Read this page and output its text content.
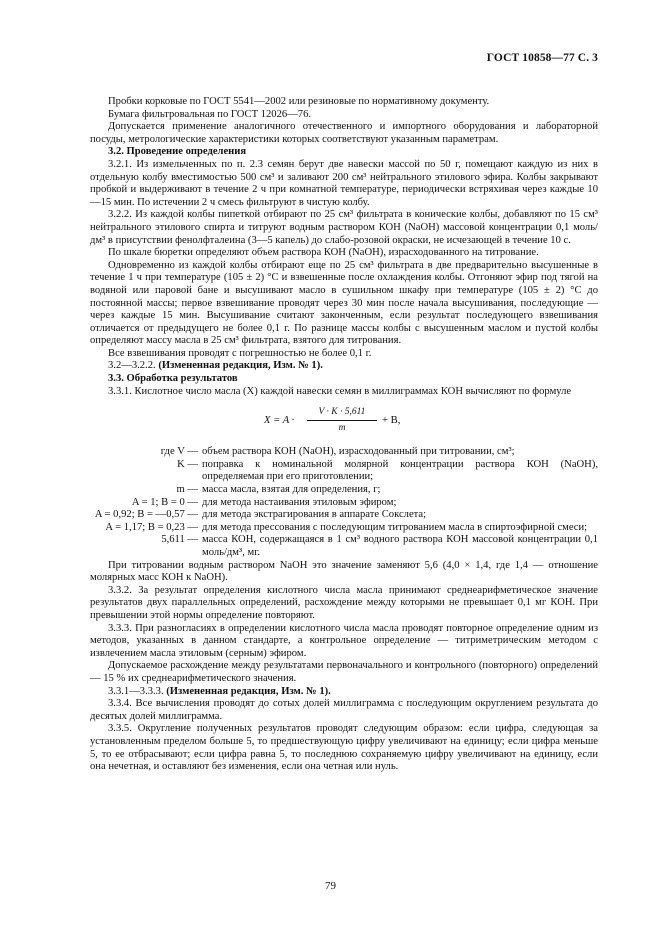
ГОСТ 10858—77 С. 3

Пробки корковые по ГОСТ 5541—2002 или резиновые по нормативному документу.

Бумага фильтровальная по ГОСТ 12026—76.

Допускается применение аналогичного отечественного и импортного оборудования и лабораторной посуды, метрологические характеристики которых соответствуют указанным параметрам.

3.2. Проведение определения

3.2.1. Из измельченных по п. 2.3 семян берут две навески массой по 50 г, помещают каждую из них в отдельную колбу вместимостью 500 см³ и заливают 200 см³ нейтрального этилового эфира. Колбы закрывают пробкой и выдерживают в течение 2 ч при комнатной температуре, периодически встряхивая через каждые 10—15 мин. По истечении 2 ч смесь фильтруют в чистую колбу.

3.2.2. Из каждой колбы пипеткой отбирают по 25 см³ фильтрата в конические колбы, добавляют по 15 см³ нейтрального этилового спирта и титруют водным раствором КОН (NaOH) массовой концентрации 0,1 моль/дм³ в присутствии фенолфталеина (3—5 капель) до слабо-розовой окраски, не исчезающей в течение 10 с.

По шкале бюретки определяют объем раствора КОН (NaOH), израсходованного на титрование.

Одновременно из каждой колбы отбирают еще по 25 см³ фильтрата в две предварительно высушенные в течение 1 ч при температуре (105 ± 2) °С и взвешенные после охлаждения колбы. Отгоняют эфир под тягой на водяной или паровой бане и высушивают масло в сушильном шкафу при температуре (105 ± 2) °С до постоянной массы; первое взвешивание проводят через 30 мин после начала высушивания, последующие — через каждые 15 мин. Высушивание считают законченным, если результат последующего взвешивания отличается от предыдущего не более 0,1 г. По разнице массы колбы с высушенным маслом и пустой колбы определяют массу масла в 25 см³ фильтрата, взятого для титрования.

Все взвешивания проводят с погрешностью не более 0,1 г.

3.2—3.2.2. (Измененная редакция, Изм. № 1).

3.3. Обработка результатов

3.3.1. Кислотное число масла (X) каждой навески семян в миллиграммах КОН вычисляют по формуле

X = A ·
V · K · 5,611
m
+ B,
где V — объем раствора КОН (NaOH), израсходованный при титровании, см³;
K — поправка к номинальной молярной концентрации раствора КОН (NaOH), определяемая при его приготовлении;
m — масса масла, взятая для определения, г;
A = 1; B = 0 — для метода настаивания этиловым эфиром;
A = 0,92; B = —0,57 — для метода экстрагирования в аппарате Сокслета;
A = 1,17; B = 0,23 — для метода прессования с последующим титрованием масла в спиртоэфирной смеси;
5,611 — масса КОН, содержащаяся в 1 см³ водного раствора КОН массовой концентрации 0,1 моль/дм³, мг.

При титровании водным раствором NaOH это значение заменяют 5,6 (4,0 × 1,4, где 1,4 — отношение молярных масс КОН к NaOH).

3.3.2. За результат определения кислотного числа масла принимают среднеарифметическое значение результатов двух параллельных определений, расхождение между которыми не превышает 0,1 мг КОН. При превышении этой нормы определение повторяют.

3.3.3. При разногласиях в определении кислотного числа масла проводят повторное определение одним из методов, указанных в данном стандарте, а контрольное определение — титриметрическим методом с извлечением масла этиловым (серным) эфиром.

Допускаемое расхождение между результатами первоначального и контрольного (повторного) определений — 15 % их среднеарифметического значения.

3.3.1—3.3.3. (Измененная редакция, Изм. № 1).

3.3.4. Все вычисления проводят до сотых долей миллиграмма с последующим округлением результата до десятых долей миллиграмма.

3.3.5. Округление полученных результатов проводят следующим образом: если цифра, следующая за установленным пределом больше 5, то предшествующую цифру увеличивают на единицу; если цифра меньше 5, то ее отбрасывают; если цифра равна 5, то последнюю сохраняемую цифру увеличивают на единицу, если она нечетная, и оставляют без изменения, если она четная или нуль.

79
